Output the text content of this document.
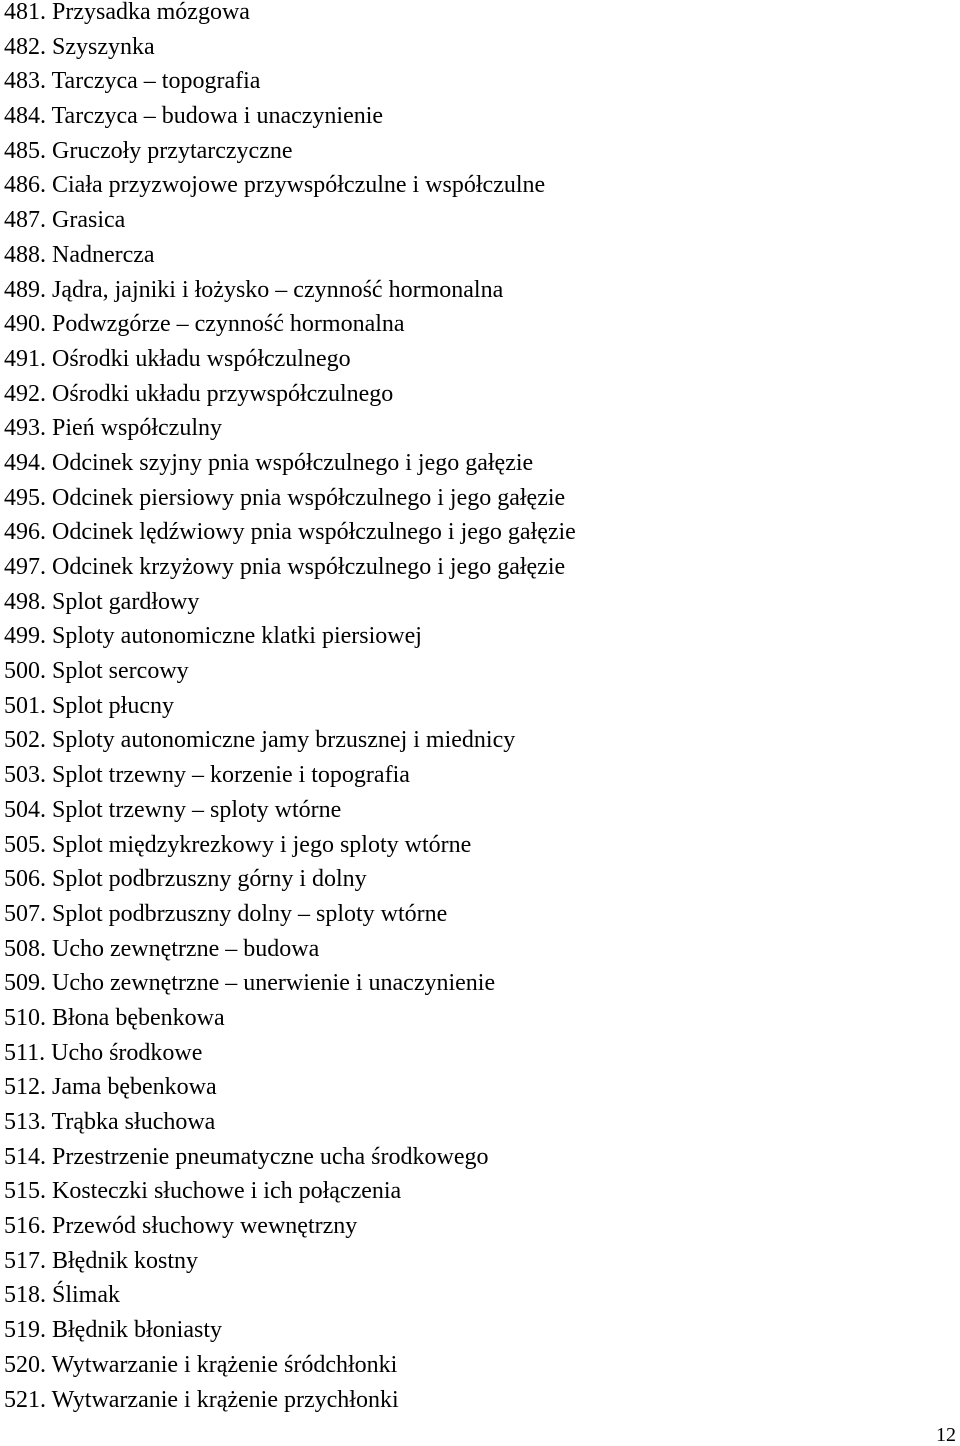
481. Przysadka mózgowa
482. Szyszynka
483. Tarczyca – topografia
484. Tarczyca – budowa i unaczynienie
485. Gruczoły przytarczyczne
486. Ciała przyzwojowe przywspółczulne i współczulne
487. Grasica
488. Nadnercza
489. Jądra, jajniki i łożysko – czynność hormonalna
490. Podwzgórze – czynność hormonalna
491. Ośrodki układu współczulnego
492. Ośrodki układu przywspółczulnego
493. Pień współczulny
494. Odcinek szyjny pnia współczulnego i jego gałęzie
495. Odcinek piersiowy pnia współczulnego i jego gałęzie
496. Odcinek lędźwiowy pnia współczulnego i jego gałęzie
497. Odcinek krzyżowy pnia współczulnego i jego gałęzie
498. Splot gardłowy
499. Sploty autonomiczne klatki piersiowej
500. Splot sercowy
501. Splot płucny
502. Sploty autonomiczne jamy brzusznej i miednicy
503. Splot trzewny – korzenie i topografia
504. Splot trzewny – sploty wtórne
505. Splot międzykrezkowy i jego sploty wtórne
506. Splot podbrzuszny górny i dolny
507. Splot podbrzuszny dolny – sploty wtórne
508. Ucho zewnętrzne – budowa
509. Ucho zewnętrzne – unerwienie i unaczynienie
510. Błona bębenkowa
511. Ucho środkowe
512. Jama bębenkowa
513. Trąbka słuchowa
514. Przestrzenie pneumatyczne ucha środkowego
515. Kosteczki słuchowe i ich połączenia
516. Przewód słuchowy wewnętrzny
517. Błędnik kostny
518. Ślimak
519. Błędnik błoniasty
520. Wytwarzanie i krążenie śródchłonki
521. Wytwarzanie i krążenie przychłonki
12
